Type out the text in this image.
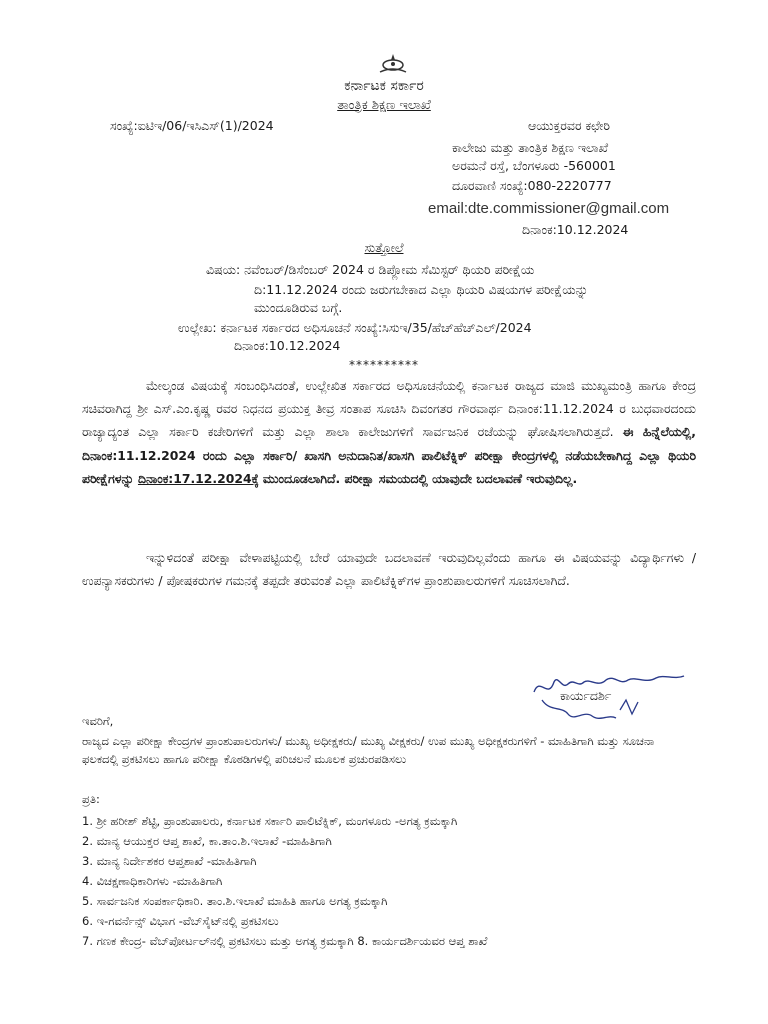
ಕರ್ನಾಟಕ ಸರ್ಕಾರ
ತಾಂತ್ರಿಕ ಶಿಕ್ಷಣ ಇಲಾಖೆ
ಸಂಖ್ಯೆ:ಐಟಿಇ/06/ಇಸಿಎಸ್(1)/2024	ಆಯುಕ್ತರವರ ಕಛೇರಿ
ಕಾಲೇಜು ಮತ್ತು ತಾಂತ್ರಿಕ ಶಿಕ್ಷಣ ಇಲಾಖೆ
ಅರಮನೆ ರಸ್ತೆ, ಬೆಂಗಳೂರು -560001
ದೂರವಾಣಿ ಸಂಖ್ಯೆ:080-2220777
email:dte.commissioner@gmail.com
ದಿನಾಂಕ:10.12.2024
ಸುತ್ತೋಲೆ
ವಿಷಯ: ನವೆಂಬರ್/ಡಿಸೆಂಬರ್ 2024 ರ ಡಿಪ್ಲೋಮ ಸೆಮಿಸ್ಟರ್ ಥಿಯರಿ ಪರೀಕ್ಷೆಯ
ದಿ:11.12.2024 ರಂದು ಜರುಗಬೇಕಾದ ಎಲ್ಲಾ ಥಿಯರಿ ವಿಷಯಗಳ ಪರೀಕ್ಷೆಯನ್ನು
ಮುಂದೂಡಿರುವ ಬಗ್ಗೆ.
ಉಲ್ಲೇಖ: ಕರ್ನಾಟಕ ಸರ್ಕಾರದ ಅಧಿಸೂಚನೆ ಸಂಖ್ಯೆ:ಸಿಸುಇ/35/ಹೆಚ್‌ಹೆಚ್ಎಲ್/2024
ದಿನಾಂಕ:10.12.2024
**********
ಮೇಲ್ಕಂಡ ವಿಷಯಕ್ಕೆ ಸಂಬಂಧಿಸಿದಂತೆ, ಉಲ್ಲೇಖಿತ ಸರ್ಕಾರದ ಅಧಿಸೂಚನೆಯಲ್ಲಿ ಕರ್ನಾಟಕ ರಾಜ್ಯದ ಮಾಜಿ ಮುಖ್ಯಮಂತ್ರಿ ಹಾಗೂ ಕೇಂದ್ರ ಸಚಿವರಾಗಿದ್ದ ಶ್ರೀ ಎಸ್.ಎಂ.ಕೃಷ್ಣ ರವರ ನಿಧನದ ಪ್ರಯುಕ್ತ ತೀವ್ರ ಸಂತಾಪ ಸೂಚಿಸಿ ದಿವಂಗತರ ಗೌರವಾರ್ಥ ದಿನಾಂಕ:11.12.2024 ರ ಬುಧವಾರದಂದು ರಾಜ್ಯಾದ್ಯಂತ ಎಲ್ಲಾ ಸರ್ಕಾರಿ ಕಚೇರಿಗಳಿಗೆ ಮತ್ತು ಎಲ್ಲಾ ಶಾಲಾ ಕಾಲೇಜುಗಳಿಗೆ ಸಾರ್ವಜನಿಕ ರಜೆಯನ್ನು ಘೋಷಿಸಲಾಗಿರುತ್ತದೆ. ಈ ಹಿನ್ನೆಲೆಯಲ್ಲಿ, ದಿನಾಂಕ:11.12.2024 ರಂದು ಎಲ್ಲಾ ಸರ್ಕಾರಿ/ ಖಾಸಗಿ ಅನುದಾನಿತ/ಖಾಸಗಿ ಪಾಲಿಟೆಕ್ನಿಕ್ ಪರೀಕ್ಷಾ ಕೇಂದ್ರಗಳಲ್ಲಿ ನಡೆಯಬೇಕಾಗಿದ್ದ ಎಲ್ಲಾ ಥಿಯರಿ ಪರೀಕ್ಷೆಗಳನ್ನು ದಿನಾಂಕ:17.12.2024ಕ್ಕೆ ಮುಂದೂಡಲಾಗಿದೆ. ಪರೀಕ್ಷಾ ಸಮಯದಲ್ಲಿ ಯಾವುದೇ ಬದಲಾವಣೆ ಇರುವುದಿಲ್ಲ.
ಇನ್ನುಳಿದಂತೆ ಪರೀಕ್ಷಾ ವೇಳಾಪಟ್ಟಿಯಲ್ಲಿ ಬೇರೆ ಯಾವುದೇ ಬದಲಾವಣೆ ಇರುವುದಿಲ್ಲವೆಂದು ಹಾಗೂ ಈ ವಿಷಯವನ್ನು ವಿದ್ಯಾರ್ಥಿಗಳು / ಉಪನ್ಯಾಸಕರುಗಳು / ಪೋಷಕರುಗಳ ಗಮನಕ್ಕೆ ತಪ್ಪದೇ ತರುವಂತೆ ಎಲ್ಲಾ ಪಾಲಿಟೆಕ್ನಿಕ್‌ಗಳ ಪ್ರಾಂಶುಪಾಲರುಗಳಿಗೆ ಸೂಚಿಸಲಾಗಿದೆ.
ಕಾರ್ಯದರ್ಶಿ
ಇವರಿಗೆ,
ರಾಜ್ಯದ ಎಲ್ಲಾ ಪರೀಕ್ಷಾ ಕೇಂದ್ರಗಳ ಪ್ರಾಂಶುಪಾಲರುಗಳು/ ಮುಖ್ಯ ಅಧೀಕ್ಷಕರು/ ಮುಖ್ಯ ವೀಕ್ಷಕರು/ ಉಪ ಮುಖ್ಯ ಅಧೀಕ್ಷಕರುಗಳಿಗೆ - ಮಾಹಿತಿಗಾಗಿ ಮತ್ತು ಸೂಚನಾ ಫಲಕದಲ್ಲಿ ಪ್ರಕಟಿಸಲು ಹಾಗೂ ಪರೀಕ್ಷಾ ಕೊಠಡಿಗಳಲ್ಲಿ ಪರಿಚಲನೆ ಮೂಲಕ ಪ್ರಚುರಪಡಿಸಲು
ಪ್ರತಿ:
1. ಶ್ರೀ ಹರೀಶ್ ಶೆಟ್ಟಿ, ಪ್ರಾಂಶುಪಾಲರು, ಕರ್ನಾಟಕ ಸರ್ಕಾರಿ ಪಾಲಿಟೆಕ್ನಿಕ್, ಮಂಗಳೂರು -ಅಗತ್ಯ ಕ್ರಮಕ್ಕಾಗಿ
2. ಮಾನ್ಯ ಆಯುಕ್ತರ ಆಪ್ತ ಶಾಖೆ, ಕಾ.ತಾಂ.ಶಿ.ಇಲಾಖೆ -ಮಾಹಿತಿಗಾಗಿ
3. ಮಾನ್ಯ ನಿರ್ದೇಶಕರ ಆಪ್ತಶಾಖೆ -ಮಾಹಿತಿಗಾಗಿ
4. ವಿಚಕ್ಷಣಾಧಿಕಾರಿಗಳು -ಮಾಹಿತಿಗಾಗಿ
5. ಸಾರ್ವಜನಿಕ ಸಂಪರ್ಕಾಧಿಕಾರಿ. ತಾಂ.ಶಿ.ಇಲಾಖೆ ಮಾಹಿತಿ ಹಾಗೂ ಅಗತ್ಯ ಕ್ರಮಕ್ಕಾಗಿ
6. ಇ-ಗವರ್ನೆನ್ಸ್ ವಿಭಾಗ -ವೆಬ್‌ಸೈಟ್‌ನಲ್ಲಿ ಪ್ರಕಟಿಸಲು
7. ಗಣಕ ಕೇಂದ್ರ- ವೆಬ್‌ಪೋರ್ಟಲ್‌ನಲ್ಲಿ ಪ್ರಕಟಿಸಲು ಮತ್ತು ಅಗತ್ಯ ಕ್ರಮಕ್ಕಾಗಿ 8. ಕಾರ್ಯದರ್ಶಿಯವರ ಆಪ್ತ ಶಾಖೆ
